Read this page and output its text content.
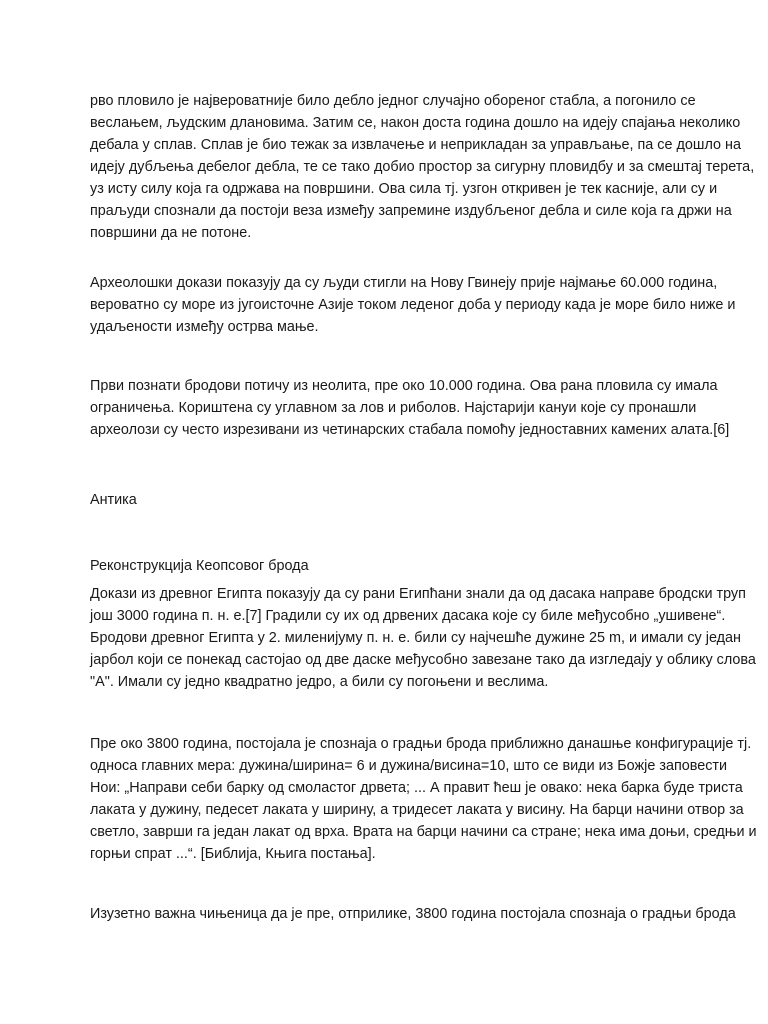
рво пловило је највероватније било дебло једног случајно обореног стабла, а погонило се
веслањем, људским длановима. Затим се, након доста година дошло на идеју спајања неколико
дебала у сплав. Сплав је био тежак за извлачење и неприкладан за управљање, па се дошло на
идеју дубљења дебелог дебла, те се тако добио простор за сигурну пловидбу и за смештај терета,
уз исту силу која га одржава на површини. Ова сила тј. узгон откривен је тек касније, али су и
праљуди спознали да постоји веза између запремине издубљеног дебла и силе која га држи на
површини да не потоне.
Археолошки докази показују да су људи стигли на Нову Гвинеју прије најмање 60.000 година,
вероватно су море из југоисточне Азије током леденог доба у периоду када је море било ниже и
удаљености између острва мање.
Први познати бродови потичу из неолита, пре око 10.000 година. Ова рана пловила су имала
ограничења. Кориштена су углавном за лов и риболов. Најстарији кануи које су пронашли
археолози су често изрезивани из четинарских стабала помоћу једноставних камених алата.[6]
Антика
Реконструкција Кеопсовог брода
Докази из древног Египта показују да су рани Египћани знали да од дасака направе бродски труп
још 3000 година п. н. е.[7] Градили су их од дрвених дасака које су биле међусобно „ушивене“.
Бродови древног Египта у 2. миленијуму п. н. е. били су најчешће дужине 25 m, и имали су један
јарбол који се понекад састојао од две даске међусобно завезане тако да изгледају у облику слова
"А". Имали су једно квадратно једро, а били су погоњени и веслима.
Пре око 3800 година, постојала је спознаја о градњи брода приближно данашње конфигурације тј.
односа главних мера: дужина/ширина= 6 и дужина/висина=10, што се види из Божје заповести
Нои: „Направи себи барку од смоластог дрвета; ... А правит ћеш је овако: нека барка буде триста
лаката у дужину, педесет лаката у ширину, а тридесет лаката у висину. На барци начини отвор за
светло, заврши га један лакат од врха. Врата на барци начини са стране; нека има доњи, средњи и
горњи спрат ...“. [Библија, Књига постања].
Изузетно важна чињеница да је пре, отприлике, 3800 година постојала спознаја о градњи брода
